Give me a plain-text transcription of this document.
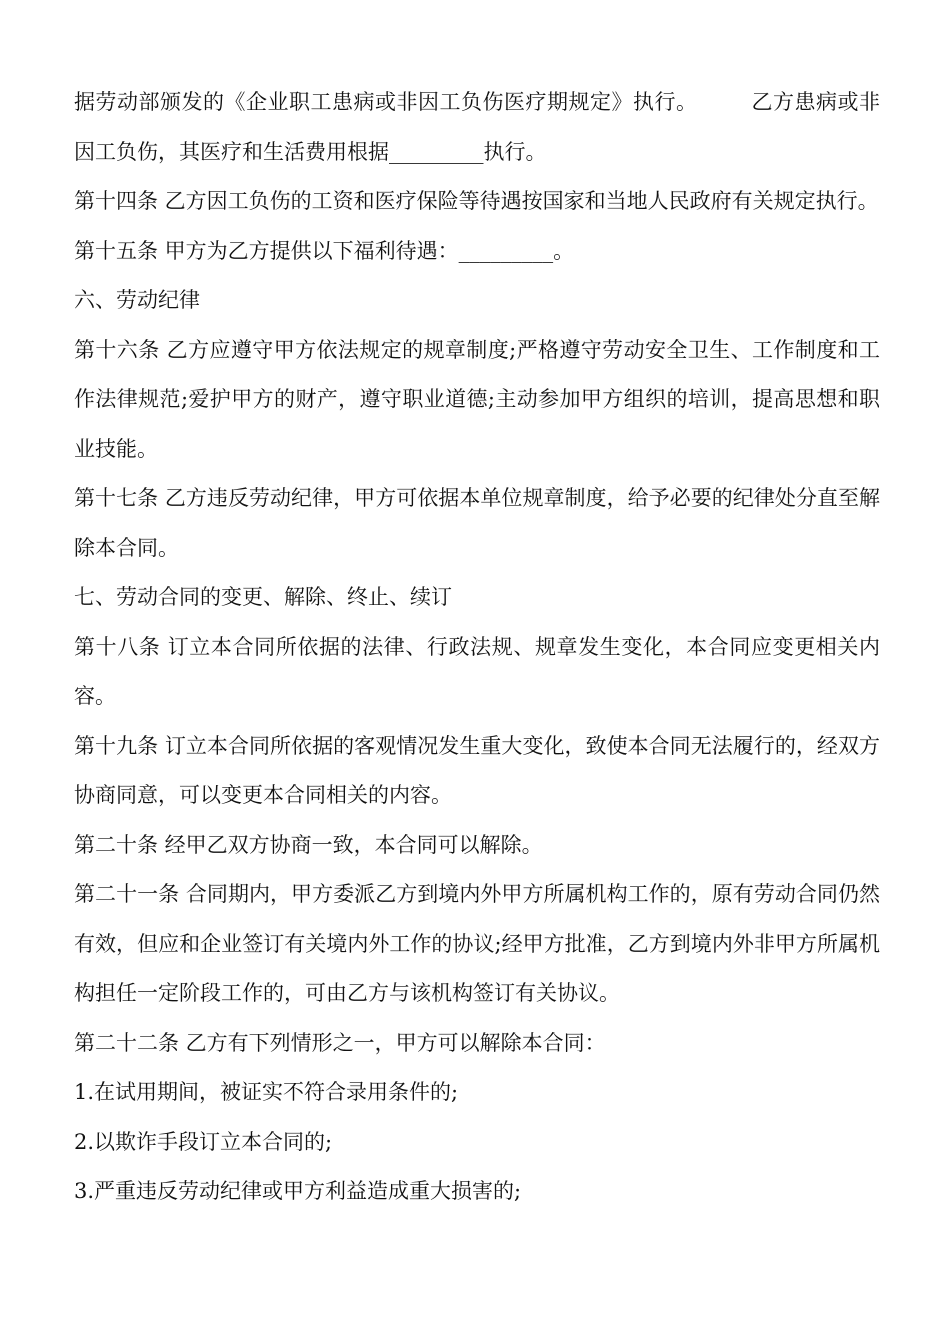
据劳动部颁发的《企业职工患病或非因工负伤医疗期规定》执行。　　　乙方患病或非因工负伤，其医疗和生活费用根据_________执行。

第十四条 乙方因工负伤的工资和医疗保险等待遇按国家和当地人民政府有关规定执行。

第十五条 甲方为乙方提供以下福利待遇：_________。

六、劳动纪律

第十六条 乙方应遵守甲方依法规定的规章制度;严格遵守劳动安全卫生、工作制度和工作法律规范;爱护甲方的财产，遵守职业道德;主动参加甲方组织的培训，提高思想和职业技能。

第十七条 乙方违反劳动纪律，甲方可依据本单位规章制度，给予必要的纪律处分直至解除本合同。

七、劳动合同的变更、解除、终止、续订

第十八条 订立本合同所依据的法律、行政法规、规章发生变化，本合同应变更相关内容。

第十九条 订立本合同所依据的客观情况发生重大变化，致使本合同无法履行的，经双方协商同意，可以变更本合同相关的内容。

第二十条 经甲乙双方协商一致，本合同可以解除。

第二十一条 合同期内，甲方委派乙方到境内外甲方所属机构工作的，原有劳动合同仍然有效，但应和企业签订有关境内外工作的协议;经甲方批准，乙方到境内外非甲方所属机构担任一定阶段工作的，可由乙方与该机构签订有关协议。

第二十二条 乙方有下列情形之一，甲方可以解除本合同：

1.在试用期间，被证实不符合录用条件的;

2.以欺诈手段订立本合同的;

3.严重违反劳动纪律或甲方利益造成重大损害的;
